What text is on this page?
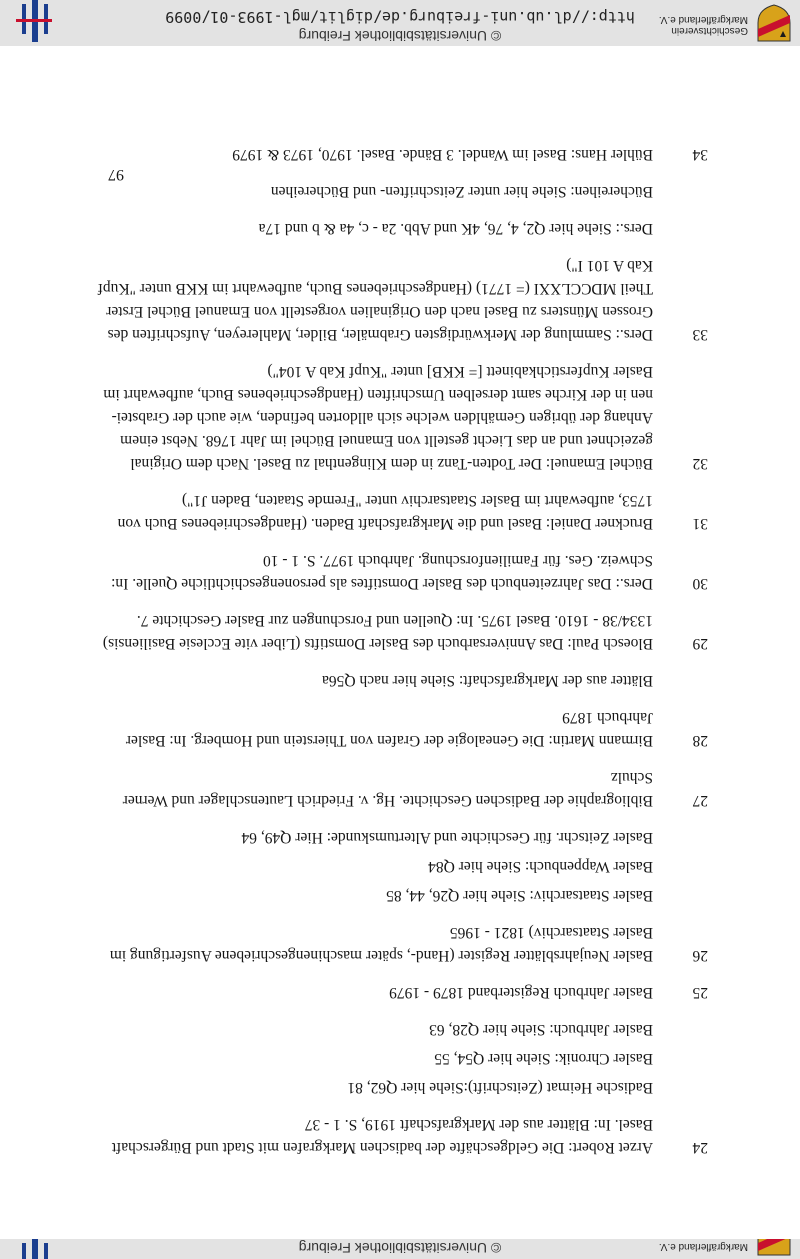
Markgräflerland e.V.
© Universitätsbibliothek Freiburg
24
Arzet Robert: Die Geldgeschäfte der badischen Markgrafen mit Stadt und Bürgerschaft
Basel. In: Blätter aus der Markgrafschaft 1919, S. 1 - 37
Badische Heimat (Zeitschrift):Siehe hier Q62, 81
Basler Chronik: Siehe hier Q54, 55
Basler Jahrbuch: Siehe hier Q28, 63
25
Basler Jahrbuch Registerband 1879 - 1979
26
Basler Neujahrsblätter Register (Hand-, später maschinengeschriebene Ausfertigung im
Basler Staatsarchiv) 1821 - 1965
Basler Staatsarchiv: Siehe hier Q26, 44, 85
Basler Wappenbuch: Siehe hier Q84
Basler Zeitschr. für Geschichte und Altertumskunde: Hier Q49, 64
27
Bibliographie der Badischen Geschichte. Hg. v. Friedrich Lautenschlager und Werner
Schulz
28
Birmann Martin: Die Genealogie der Grafen von Thierstein und Homberg. In: Basler
Jahrbuch 1879
Blätter aus der Markgrafschaft: Siehe hier nach Q56a
29
Bloesch Paul: Das Anniversarbuch des Basler Domstifts (Liber vite Ecclesie Basiliensis)
1334/38 - 1610. Basel 1975. In: Quellen und Forschungen zur Basler Geschichte 7.
30
Ders.: Das Jahrzeitenbuch des Basler Domstiftes als personengeschichtliche Quelle. In:
Schweiz. Ges. für Familienforschung. Jahrbuch 1977. S. 1 - 10
31
Bruckner Daniel: Basel und die Markgrafschaft Baden. (Handgeschriebenes Buch von
1753, aufbewahrt im Basler Staatsarchiv unter "Fremde Staaten, Baden J1")
32
Büchel Emanuel: Der Todten-Tanz in dem Klingenthal zu Basel. Nach dem Original
gezeichnet und an das Liecht gestellt von Emanuel Büchel im Jahr 1768. Nebst einem
Anhang der übrigen Gemählden welche sich alldorten befinden, wie auch der Grabstei-
nen in der Kirche samt derselben Umschriften (Handgeschriebenes Buch, aufbewahrt im
Basler Kupferstichkabinett [= KKB] unter "Kupf Kab A 104")
33
Ders.: Sammlung der Merkwürdigsten Grabmäler, Bilder, Mahlereyen, Aufschriften des
Grossen Münsters zu Basel nach den Originalien vorgestellt von Emanuel Büchel Erster
Theil MDCCLXXI (= 1771) (Handgeschriebenes Buch, aufbewahrt im KKB unter "Kupf
Kab A 101 I")
Ders.: Siehe hier Q2, 4, 76, 4K und Abb. 2a - c, 4a & b und 17a
Büchereihen: Siehe hier unter Zeitschriften- und Büchereihen
34
Bühler Hans: Basel im Wandel. 3 Bände. Basel. 1970, 1973 & 1979
97
Geschichtsverein
Markgräflerland e.V.
© Universitätsbibliothek Freiburg
http://dl.ub.uni-freiburg.de/diglit/mgl-1993-01/0099
